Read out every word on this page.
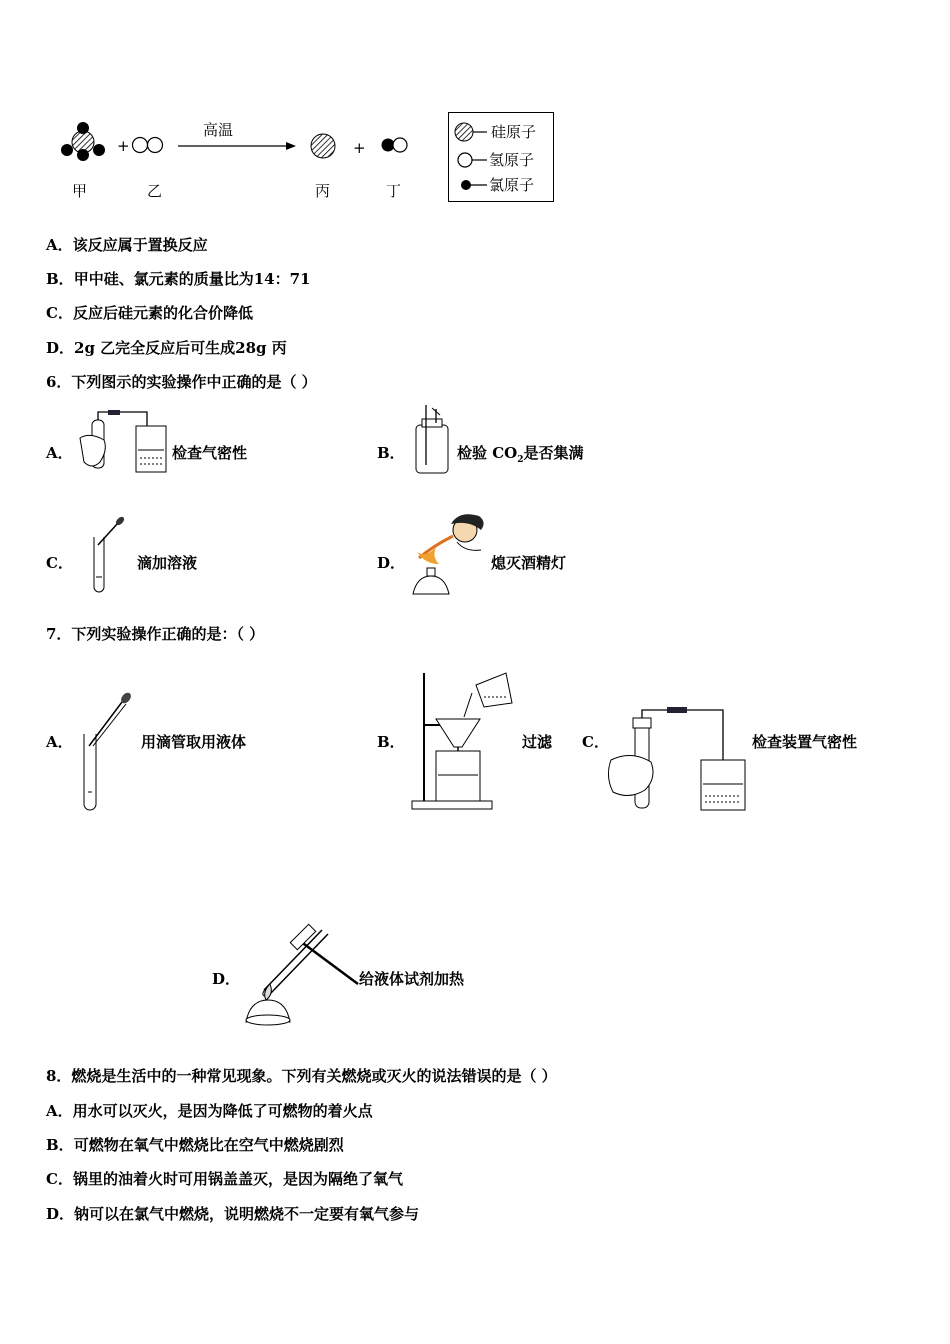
+
高温
+
甲	乙	丙	丁
硅原子
氢原子
氯原子
A．该反应属于置换反应
B．甲中硅、氯元素的质量比为14：71
C．反应后硅元素的化合价降低
D．2g 乙完全反应后可生成28g 丙
6．下列图示的实验操作中正确的是（ ）
A．	检查气密性	B．	检验 $CO_2$是否集满
C．	滴加溶液	D．	熄灭酒精灯
7．下列实验操作正确的是：（ ）
A．	用滴管取用液体	B．	过滤 C．	检查装置气密性
D．	给液体试剂加热
8．燃烧是生活中的一种常见现象。下列有关燃烧或灭火的说法错误的是（ ）
A．用水可以灭火，是因为降低了可燃物的着火点
B．可燃物在氧气中燃烧比在空气中燃烧剧烈
C．锅里的油着火时可用锅盖盖灭，是因为隔绝了氧气
D．钠可以在氯气中燃烧，说明燃烧不一定要有氧气参与
